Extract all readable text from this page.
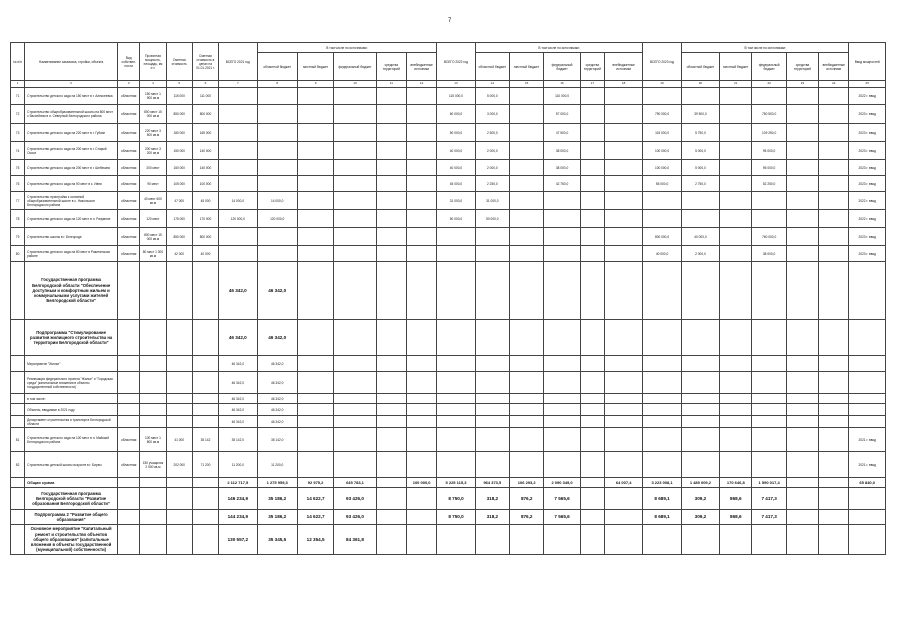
7
№ п/п	Наименование заказчика, стройки, объекта	Вид собствен-ности	Проектная мощность, площадь, км и т.	Сметная стоимость	Сметная стоимость в ценах на 01.01.2021 г.	ВСЕГО 2021 год	В том числе по источникам:					ВСЕГО 2022 год	В том числе по источникам:					ВСЕГО 2023 год	В том числе по источникам:					Ввод мощностей
							областной бюджет	местный бюджет	федеральный бюджет	средства территорий	внебюджетные источники		областной бюджет	местный бюджет	федеральный бюджет	средства территорий	внебюджетные источники		областной бюджет	местный бюджет	федеральный бюджет	средства территорий	внебюджетные источники	
1	2	3	4	5	6	7	8	9	10	11	12	13	14	15	16	17	18	19	20	21	22	23	24	25
71	Строительство детского сада на 150 мест в г. Алексеевка	областная	150 мест 1 900 кв.м	115 000	111 000							115 000,0	5 000,0		110 000,0									2022 г. ввод
72	Строительство общеобразовательной школы на 800 мест с бассейном в п. Северный Белгородского района	областная	800 мест 15 000 кв.м	850 000	800 000							60 000,0	3 000,0		57 000,0			790 000,0	39 500,0		750 500,0			2023 г. ввод
73	Строительство детского сада на 220 мест в г. Губкин	областная	220 мест 3 500 кв.м	180 000	165 000							50 000,0	2 500,0		47 500,0			115 000,0	5 750,0		109 250,0			2023 г. ввод
74	Строительство детского сада на 200 мест в г. Старый Оскол	областная	200 мест 3 200 кв.м	150 000	140 000							40 000,0	2 000,0		38 000,0			100 000,0	5 000,0		95 000,0			2023 г. ввод
75	Строительство детского сада на 200 мест в г. Шебекино	областная	200 мест	150 000	140 000							40 000,0	2 000,0		38 000,0			100 000,0	5 000,0		95 000,0			2023 г. ввод
76	Строительство детского сада на 90 мест в с. Ивня	областная	90 мест	105 000	100 000							45 000,0	2 250,0		42 750,0			55 000,0	2 750,0		52 250,0			2023 г. ввод
77	Строительство пристройки к основной общеобразовательной школе в с. Никольское Белгородского района	областная	40 мест 600 кв.м	47 000	45 000	14 000,0	14 000,0					31 000,0	31 000,0											2022 г. ввод
78	Строительство детского сада на 120 мест в п. Разумное	областная	120 мест	175 000	170 000	120 000,0	120 000,0					50 000,0	50 000,0											2022 г. ввод
79	Строительство школы в г. Белгороде	областная	800 мест 15 000 кв.м	850 000	800 000													800 000,0	40 000,0		760 000,0			2023 г. ввод
80	Строительство детского сада на 80 мест в Ракитянском районе	областная	80 мест 1 300 кв.м	42 000	40 000													40 000,0	2 000,0		38 000,0			2023 г. ввод
	Государственная программа Белгородской области "Обеспечение доступным и комфортным жильем и коммунальными услугами жителей Белгородской области"					46 342,0	46 342,0																	
	Подпрограмма "Стимулирование развития жилищного строительства на территории Белгородской области"					46 342,0	46 342,0																	
	Мероприятие "Жилье"					46 342,0	46 342,0																	
	Реализация федерального проекта "Жилье" и "Городская среда" (капитальные вложения в объекты государственной собственности)					46 342,0	46 342,0																	
	в том числе:					46 342,0	46 342,0																	
	Объекты, вводимые в 2021 году					46 342,0	46 342,0																	
	Департамент строительства и транспорта Белгородской области					46 342,0	46 342,0																	
81	Строительство детского сада на 100 мест в п. Майский Белгородского района	областная	100 мест 1 800 кв.м	41 000	35 142	35 142,0	35 142,0																	2021 г. ввод
82	Строительство детской школы искусств в г. Бирюч	областная	150 учащихся 2 500 кв.м	202 000	71 200	11 200,0	11 200,0																	2021 г. ввод
	Общая сумма					2 112 717,5	1 275 959,3	92 975,2	645 783,1		100 000,0	5 225 115,3	964 373,5	106 293,2	2 090 349,0		64 007,4	3 223 008,1	1 489 009,2	170 646,8	1 590 017,4			65 840,0
	Государственная программа Белгородской области "Развитие образования Белгородской области"					146 234,9	35 186,2	14 622,7	93 426,0			8 750,0	318,2	876,2	7 565,6			8 689,1	309,2	868,6	7 417,3			
	Подпрограмма 2 "Развитие общего образования"					144 234,9	35 186,2	14 622,7	93 426,0			8 750,0	318,2	876,2	7 565,6			8 689,1	309,2	868,6	7 417,3			
	Основное мероприятие "Капитальный ремонт и строительство объектов общего образования" (капитальные вложения в объекты государственной (муниципальной) собственности)					130 557,2	35 345,5	12 354,5	84 361,8															
